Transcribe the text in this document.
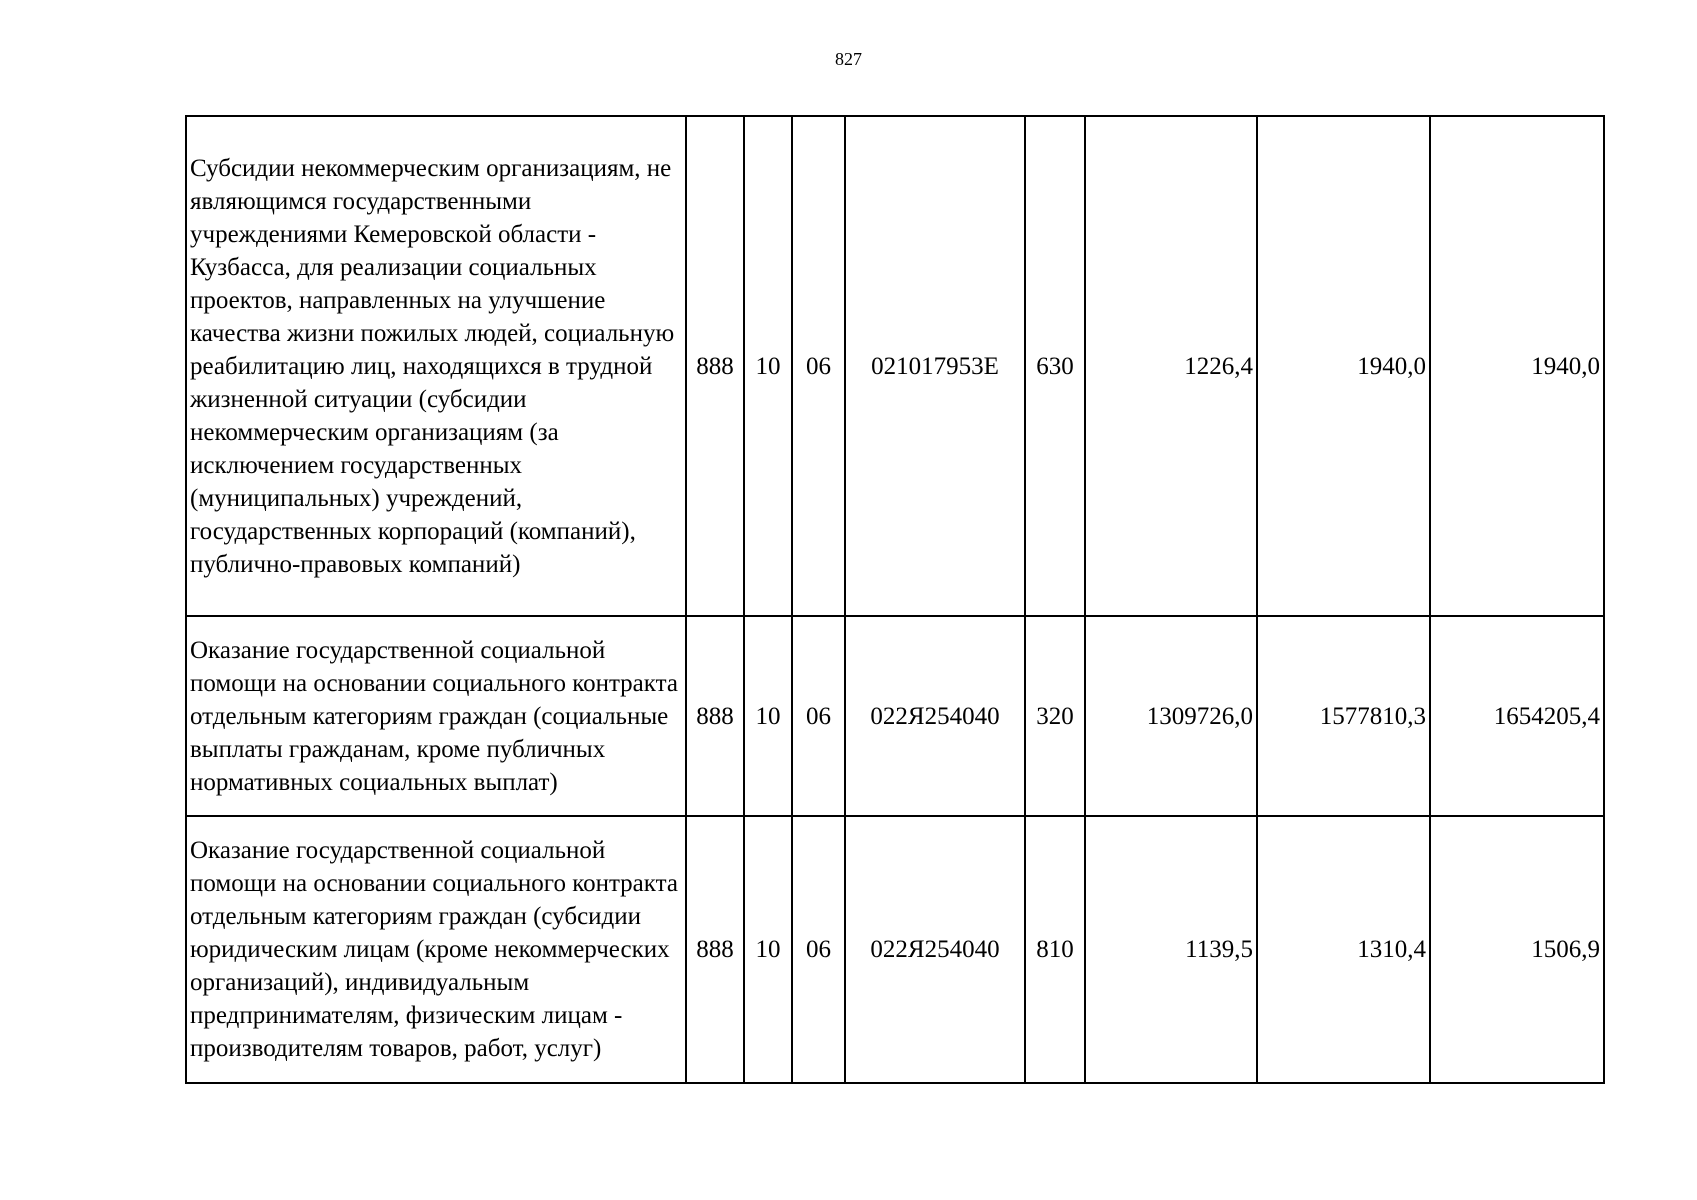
827
Субсидии некоммерческим организациям, не являющимся государственными учреждениями Кемеровской области - Кузбасса, для реализации социальных проектов, направленных на улучшение качества жизни пожилых людей, социальную реабилитацию лиц, находящихся в трудной жизненной ситуации (субсидии некоммерческим организациям (за исключением государственных (муниципальных) учреждений, государственных корпораций (компаний), публично-правовых компаний)	888	10	06	021017953Е	630	1226,4	1940,0	1940,0
Оказание государственной социальной помощи на основании социального контракта отдельным категориям граждан (социальные выплаты гражданам, кроме публичных нормативных социальных выплат)	888	10	06	022Я254040	320	1309726,0	1577810,3	1654205,4
Оказание государственной социальной помощи на основании социального контракта отдельным категориям граждан (субсидии юридическим лицам (кроме некоммерческих организаций), индивидуальным предпринимателям, физическим лицам - производителям товаров, работ, услуг)	888	10	06	022Я254040	810	1139,5	1310,4	1506,9
